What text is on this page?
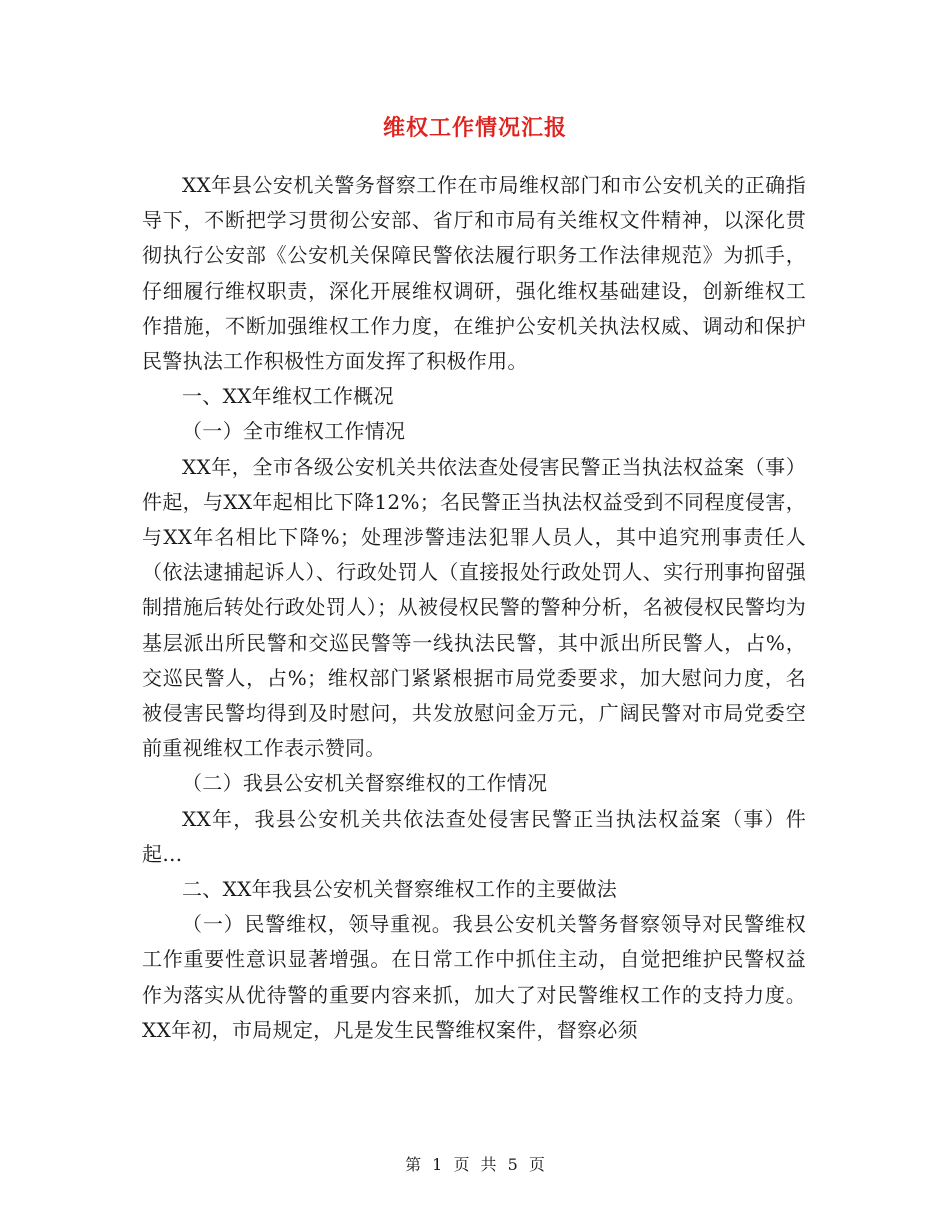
维权工作情况汇报

XX年县公安机关警务督察工作在市局维权部门和市公安机关的正确指导下，不断把学习贯彻公安部、省厅和市局有关维权文件精神，以深化贯彻执行公安部《公安机关保障民警依法履行职务工作法律规范》为抓手，仔细履行维权职责，深化开展维权调研，强化维权基础建设，创新维权工作措施，不断加强维权工作力度，在维护公安机关执法权威、调动和保护民警执法工作积极性方面发挥了积极作用。

一、XX年维权工作概况

（一）全市维权工作情况

XX年，全市各级公安机关共依法查处侵害民警正当执法权益案（事）件起，与XX年起相比下降12%；名民警正当执法权益受到不同程度侵害，与XX年名相比下降%；处理涉警违法犯罪人员人，其中追究刑事责任人（依法逮捕起诉人）、行政处罚人（直接报处行政处罚人、实行刑事拘留强制措施后转处行政处罚人）；从被侵权民警的警种分析，名被侵权民警均为基层派出所民警和交巡民警等一线执法民警，其中派出所民警人，占%，交巡民警人，占%；维权部门紧紧根据市局党委要求，加大慰问力度，名被侵害民警均得到及时慰问，共发放慰问金万元，广阔民警对市局党委空前重视维权工作表示赞同。

（二）我县公安机关督察维权的工作情况

XX年，我县公安机关共依法查处侵害民警正当执法权益案（事）件起…

二、XX年我县公安机关督察维权工作的主要做法

（一）民警维权，领导重视。我县公安机关警务督察领导对民警维权工作重要性意识显著增强。在日常工作中抓住主动，自觉把维护民警权益作为落实从优待警的重要内容来抓，加大了对民警维权工作的支持力度。XX年初，市局规定，凡是发生民警维权案件，督察必须

第 1 页 共 5 页
